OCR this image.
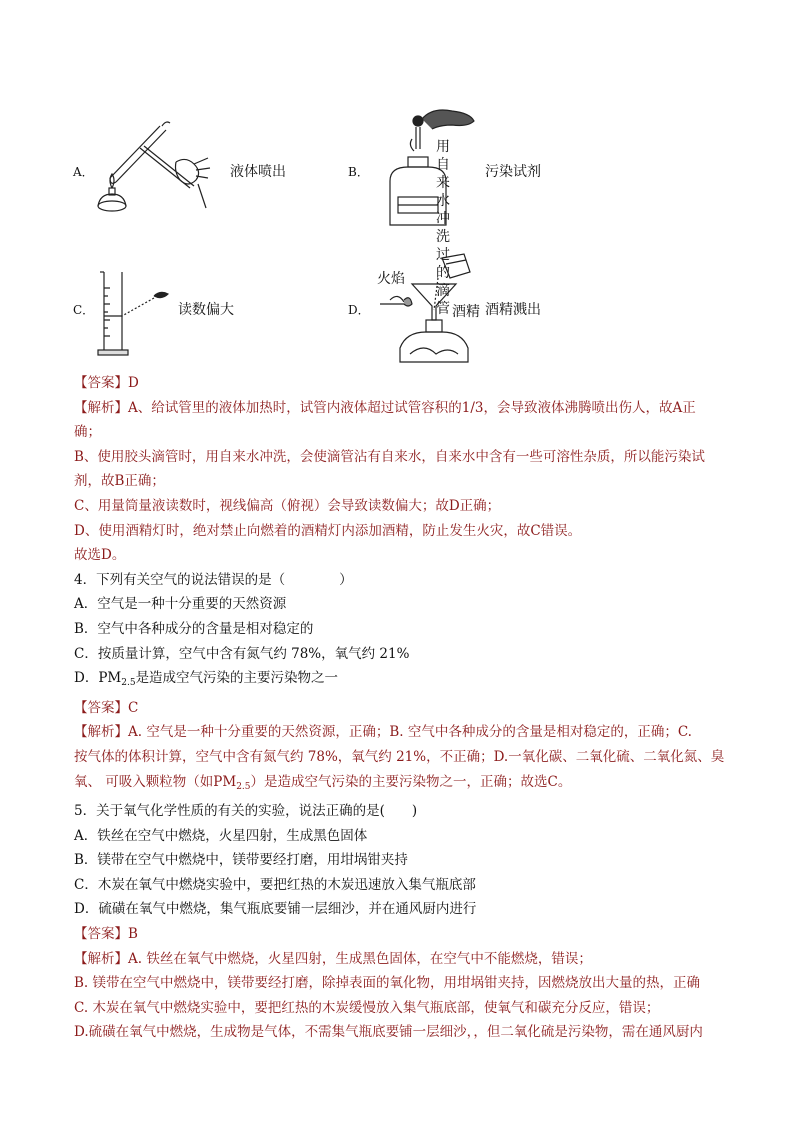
A．	液体喷出	B．
用自
来水
冲洗
过的
滴管
污染试剂
C．	读数偏大	D．
火焰
酒精 酒精溅出
【答案】D
【解析】A、给试管里的液体加热时，试管内液体超过试管容积的1/3，会导致液体沸腾喷出伤人，故A正
确；
B、使用胶头滴管时，用自来水冲洗，会使滴管沾有自来水，自来水中含有一些可溶性杂质，所以能污染试
剂，故B正确；
C、用量筒量液读数时，视线偏高（俯视）会导致读数偏大；故D正确；
D、使用酒精灯时，绝对禁止向燃着的酒精灯内添加酒精，防止发生火灾，故C错误。
故选D。
4．下列有关空气的说法错误的是（　　　　）
A．空气是一种十分重要的天然资源
B．空气中各种成分的含量是相对稳定的
C．按质量计算，空气中含有氮气约 78%，氧气约 21%
D．$PM_{2.5}$是造成空气污染的主要污染物之一
【答案】C
【解析】A. 空气是一种十分重要的天然资源，正确；B. 空气中各种成分的含量是相对稳定的，正确；C.
按气体的体积计算，空气中含有氮气约 78%，氧气约 21%，不正确；D.一氧化碳、二氧化硫、二氧化氮、臭
氧、 可吸入颗粒物（如$PM_{2.5}$）是造成空气污染的主要污染物之一，正确；故选C。
5．关于氧气化学性质的有关的实验，说法正确的是(　　)
A．铁丝在空气中燃烧，火星四射，生成黑色固体
B．镁带在空气中燃烧中，镁带要经打磨，用坩埚钳夹持
C．木炭在氧气中燃烧实验中，要把红热的木炭迅速放入集气瓶底部
D．硫磺在氧气中燃烧，集气瓶底要铺一层细沙，并在通风厨内进行
【答案】B
【解析】A. 铁丝在氧气中燃烧，火星四射，生成黑色固体，在空气中不能燃烧，错误；
B. 镁带在空气中燃烧中，镁带要经打磨，除掉表面的氧化物，用坩埚钳夹持，因燃烧放出大量的热，正确
C. 木炭在氧气中燃烧实验中，要把红热的木炭缓慢放入集气瓶底部，使氧气和碳充分反应，错误；
D.硫磺在氧气中燃烧，生成物是气体，不需集气瓶底要铺一层细沙，，但二氧化硫是污染物，需在通风厨内
